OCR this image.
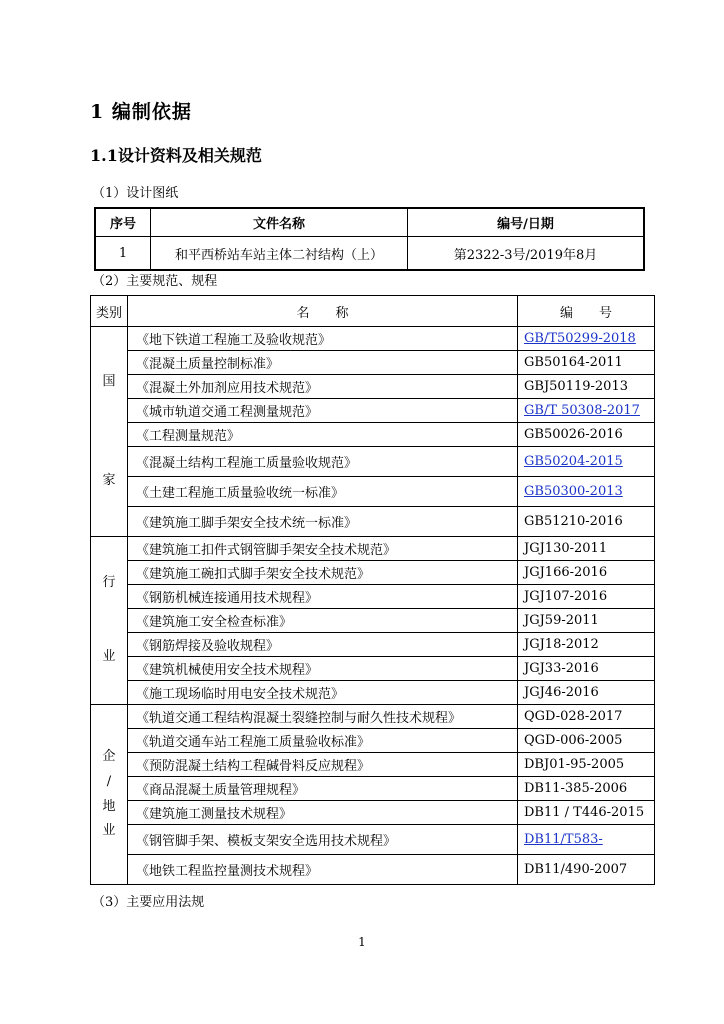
1 编制依据
1.1设计资料及相关规范
（1）设计图纸
序号	文件名称	编号/日期
1	和平西桥站车站主体二衬结构（上）	第2322-3号/2019年8月
（2）主要规范、规程
类别	名　　称	编　　号
国

家	《地下铁道工程施工及验收规范》	GB/T50299-2018
	《混凝土质量控制标准》	GB50164-2011
	《混凝土外加剂应用技术规范》	GBJ50119-2013
	《城市轨道交通工程测量规范》	GB/T 50308-2017
	《工程测量规范》	GB50026-2016
	《混凝土结构工程施工质量验收规范》	GB50204-2015
	《土建工程施工质量验收统一标准》	GB50300-2013
	《建筑施工脚手架安全技术统一标准》	GB51210-2016
行

业	《建筑施工扣件式钢管脚手架安全技术规范》	JGJ130-2011
	《建筑施工碗扣式脚手架安全技术规范》	JGJ166-2016
	《钢筋机械连接通用技术规程》	JGJ107-2016
	《建筑施工安全检查标准》	JGJ59-2011
	《钢筋焊接及验收规程》	JGJ18-2012
	《建筑机械使用安全技术规程》	JGJ33-2016
	《施工现场临时用电安全技术规范》	JGJ46-2016
企
/
地
业	《轨道交通工程结构混凝土裂缝控制与耐久性技术规程》	QGD-028-2017
	《轨道交通车站工程施工质量验收标准》	QGD-006-2005
	《预防混凝土结构工程碱骨料反应规程》	DBJ01-95-2005
	《商品混凝土质量管理规程》	DB11-385-2006
	《建筑施工测量技术规程》	DB11 / T446-2015
	《钢管脚手架、模板支架安全选用技术规程》	DB11/T583-
	《地铁工程监控量测技术规程》	DB11/490-2007
（3）主要应用法规
1
